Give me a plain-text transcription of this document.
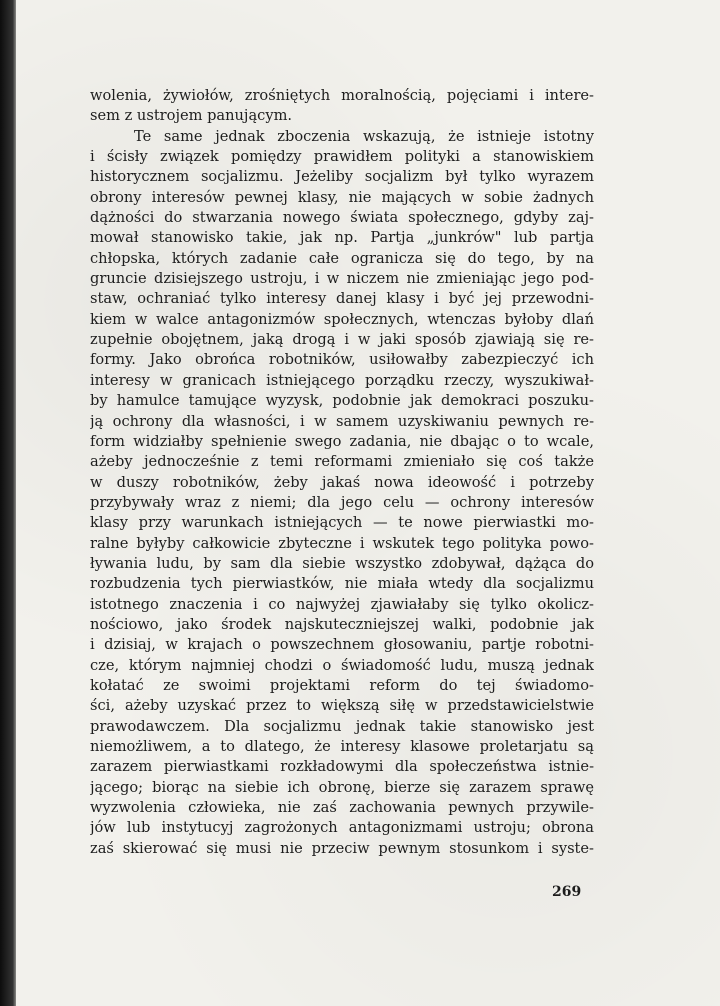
wolenia, żywiołów, zrośniętych moralnością, pojęciami i intere-
sem z ustrojem panującym.
Te same jednak zboczenia wskazują, że istnieje istotny
i ścisły związek pomiędzy prawidłem polityki a stanowiskiem
historycznem socjalizmu. Jeżeliby socjalizm był tylko wyrazem
obrony interesów pewnej klasy, nie mających w sobie żadnych
dążności do stwarzania nowego świata społecznego, gdyby zaj-
mował stanowisko takie, jak np. Partja „junkrów" lub partja
chłopska, których zadanie całe ogranicza się do tego, by na
gruncie dzisiejszego ustroju, i w niczem nie zmieniając jego pod-
staw, ochraniać tylko interesy danej klasy i być jej przewodni-
kiem w walce antagonizmów społecznych, wtenczas byłoby dlań
zupełnie obojętnem, jaką drogą i w jaki sposób zjawiają się re-
formy. Jako obrońca robotników, usiłowałby zabezpieczyć ich
interesy w granicach istniejącego porządku rzeczy, wyszukiwał-
by hamulce tamujące wyzysk, podobnie jak demokraci poszuku-
ją ochrony dla własności, i w samem uzyskiwaniu pewnych re-
form widziałby spełnienie swego zadania, nie dbając o to wcale,
ażeby jednocześnie z temi reformami zmieniało się coś także
w duszy robotników, żeby jakaś nowa ideowość i potrzeby
przybywały wraz z niemi; dla jego celu — ochrony interesów
klasy przy warunkach istniejących — te nowe pierwiastki mo-
ralne byłyby całkowicie zbyteczne i wskutek tego polityka powo-
ływania ludu, by sam dla siebie wszystko zdobywał, dążąca do
rozbudzenia tych pierwiastków, nie miała wtedy dla socjalizmu
istotnego znaczenia i co najwyżej zjawiałaby się tylko okolicz-
nościowo, jako środek najskuteczniejszej walki, podobnie jak
i dzisiaj, w krajach o powszechnem głosowaniu, partje robotni-
cze, którym najmniej chodzi o świadomość ludu, muszą jednak
kołatać ze swoimi projektami reform do tej świadomo-
ści, ażeby uzyskać przez to większą siłę w przedstawicielstwie
prawodawczem. Dla socjalizmu jednak takie stanowisko jest
niemożliwem, a to dlatego, że interesy klasowe proletarjatu są
zarazem pierwiastkami rozkładowymi dla społeczeństwa istnie-
jącego; biorąc na siebie ich obronę, bierze się zarazem sprawę
wyzwolenia człowieka, nie zaś zachowania pewnych przywile-
jów lub instytucyj zagrożonych antagonizmami ustroju; obrona
zaś skierować się musi nie przeciw pewnym stosunkom i syste-
269
